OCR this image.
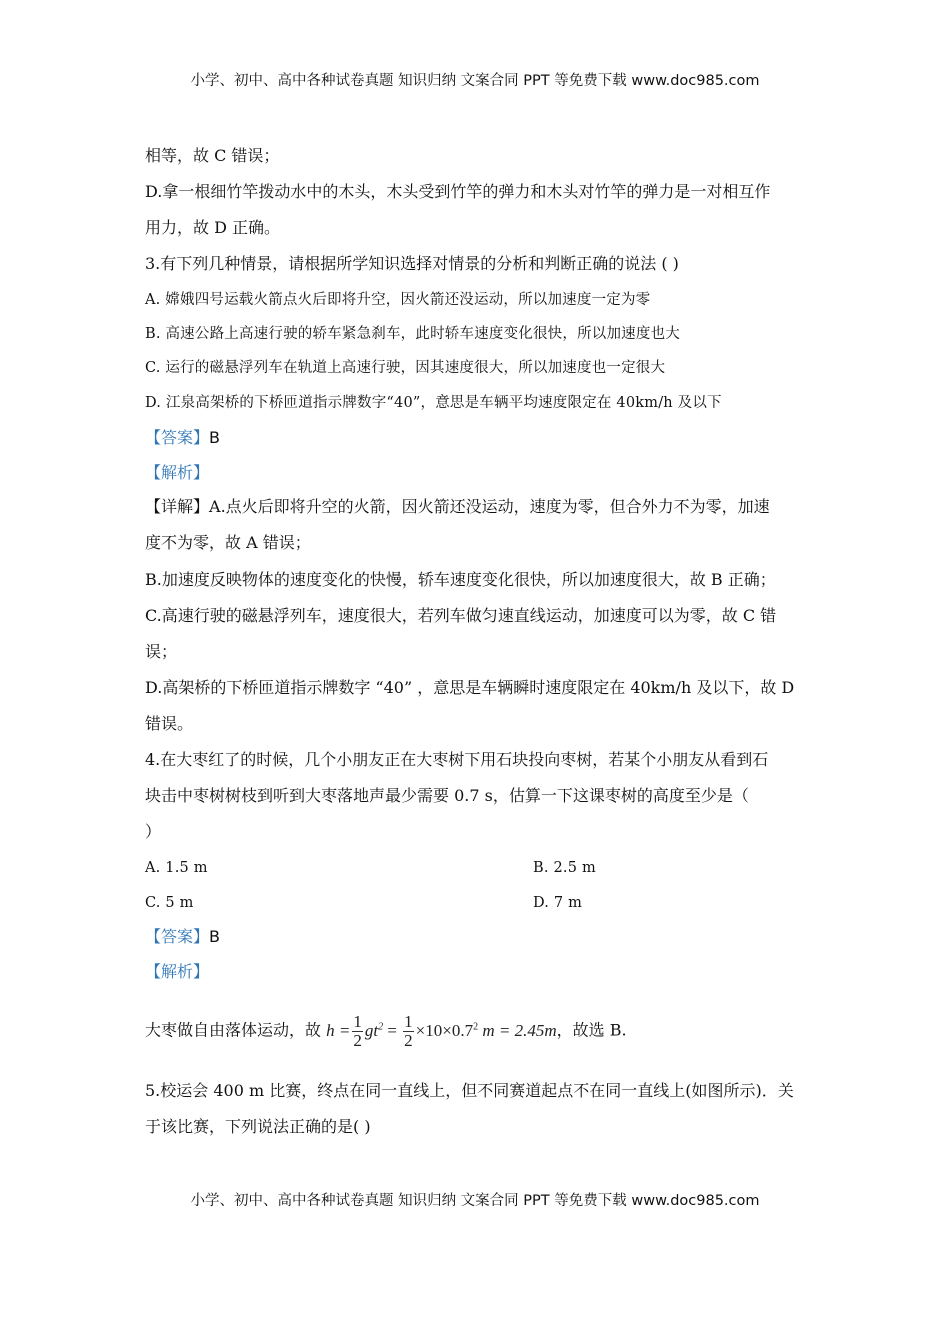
小学、初中、高中各种试卷真题 知识归纳 文案合同 PPT 等免费下载 www.doc985.com
相等，故 C 错误；
D.拿一根细竹竿拨动水中的木头，木头受到竹竿的弹力和木头对竹竿的弹力是一对相互作
用力，故 D 正确。
3.有下列几种情景，请根据所学知识选择对情景的分析和判断正确的说法 ( )
A. 嫦娥四号运载火箭点火后即将升空，因火箭还没运动，所以加速度一定为零
B. 高速公路上高速行驶的轿车紧急刹车，此时轿车速度变化很快，所以加速度也大
C. 运行的磁悬浮列车在轨道上高速行驶，因其速度很大，所以加速度也一定很大
D. 江泉高架桥的下桥匝道指示牌数字“40”，意思是车辆平均速度限定在 40km/h 及以下
【答案】B
【解析】
【详解】A.点火后即将升空的火箭，因火箭还没运动，速度为零，但合外力不为零，加速
度不为零，故 A 错误；
B.加速度反映物体的速度变化的快慢，轿车速度变化很快，所以加速度很大，故 B 正确；
C.高速行驶的磁悬浮列车，速度很大，若列车做匀速直线运动，加速度可以为零，故 C 错
误；
D.高架桥的下桥匝道指示牌数字 “40” ，意思是车辆瞬时速度限定在 40km/h 及以下，故 D
错误。
4.在大枣红了的时候，几个小朋友正在大枣树下用石块投向枣树，若某个小朋友从看到石
块击中枣树树枝到听到大枣落地声最少需要 0.7 s，估算一下这课枣树的高度至少是（
）
A. 1.5 m	B. 2.5 m
C. 5 m	D. 7 m
【答案】B
【解析】
大枣做自由落体运动，故 $h = \frac{1}{2} gt^2 = \frac{1}{2} \times 10\times 0.7^2$ m = 2.45m，故选 B.
5.校运会 400 m 比赛，终点在同一直线上，但不同赛道起点不在同一直线上(如图所示)．关
于该比赛，下列说法正确的是( )
小学、初中、高中各种试卷真题 知识归纳 文案合同 PPT 等免费下载 www.doc985.com
